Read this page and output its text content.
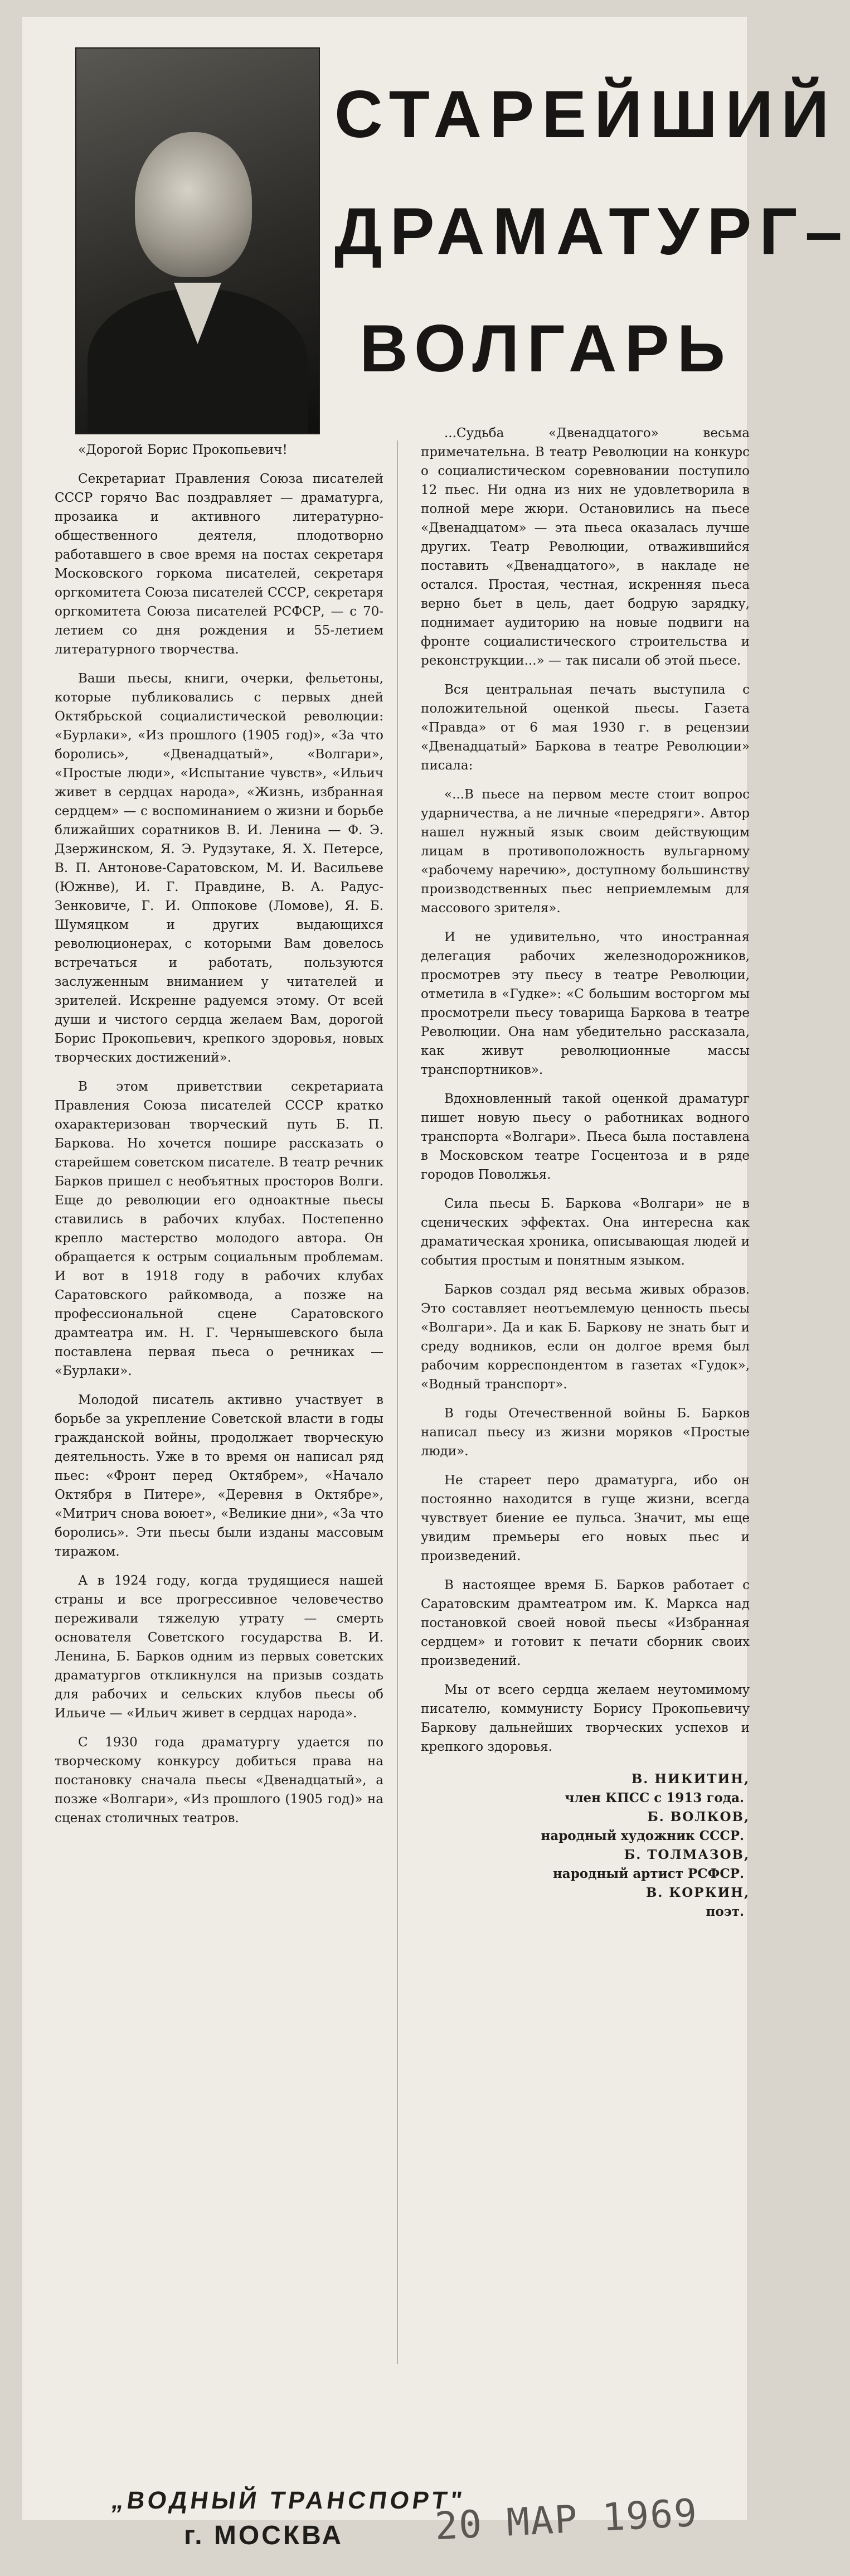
СТАРЕЙШИЙ
ДРАМАТУРГ–
ВОЛГАРЬ

«Дорогой Борис Прокопьевич!

Секретариат Правления Союза писателей СССР горячо Вас поздравляет — драматурга, прозаика и активного литературно-общественного деятеля, плодотворно работавшего в свое время на постах секретаря Московского горкома писателей, секретаря оргкомитета Союза писателей СССР, секретаря оргкомитета Союза писателей РСФСР, — с 70-летием со дня рождения и 55-летием литературного творчества.

Ваши пьесы, книги, очерки, фельетоны, которые публиковались с первых дней Октябрьской социалистической революции: «Бурлаки», «Из прошлого (1905 год)», «За что боролись», «Двенадцатый», «Волгари», «Простые люди», «Испытание чувств», «Ильич живет в сердцах народа», «Жизнь, избранная сердцем» — с воспоминанием о жизни и борьбе ближайших соратников В. И. Ленина — Ф. Э. Дзержинском, Я. Э. Рудзутаке, Я. Х. Петерсе, В. П. Антонове-Саратовском, М. И. Васильеве (Южнве), И. Г. Правдине, В. А. Радус-Зенковиче, Г. И. Оппокове (Ломове), Я. Б. Шумяцком и других выдающихся революционерах, с которыми Вам довелось встречаться и работать, пользуются заслуженным вниманием у читателей и зрителей. Искренне радуемся этому. От всей души и чистого сердца желаем Вам, дорогой Борис Прокопьевич, крепкого здоровья, новых творческих достижений».

В этом приветствии секретариата Правления Союза писателей СССР кратко охарактеризован творческий путь Б. П. Баркова. Но хочется пошире рассказать о старейшем советском писателе. В театр речник Барков пришел с необъятных просторов Волги. Еще до революции его одноактные пьесы ставились в рабочих клубах. Постепенно крепло мастерство молодого автора. Он обращается к острым социальным проблемам. И вот в 1918 году в рабочих клубах Саратовского райкомвода, а позже на профессиональной сцене Саратовского драмтеатра им. Н. Г. Чернышевского была поставлена первая пьеса о речниках — «Бурлаки».

Молодой писатель активно участвует в борьбе за укрепление Советской власти в годы гражданской войны, продолжает творческую деятельность. Уже в то время он написал ряд пьес: «Фронт перед Октябрем», «Начало Октября в Питере», «Деревня в Октябре», «Митрич снова воюет», «Великие дни», «За что боролись». Эти пьесы были изданы массовым тиражом.

А в 1924 году, когда трудящиеся нашей страны и все прогрессивное человечество переживали тяжелую утрату — смерть основателя Советского государства В. И. Ленина, Б. Барков одним из первых советских драматургов откликнулся на призыв создать для рабочих и сельских клубов пьесы об Ильиче — «Ильич живет в сердцах народа».

С 1930 года драматургу удается по творческому конкурсу добиться права на постановку сначала пьесы «Двенадцатый», а позже «Волгари», «Из прошлого (1905 год)» на сценах столичных театров.

...Судьба «Двенадцатого» весьма примечательна. В театр Революции на конкурс о социалистическом соревновании поступило 12 пьес. Ни одна из них не удовлетворила в полной мере жюри. Остановились на пьесе «Двенадцатом» — эта пьеса оказалась лучше других. Театр Революции, отважившийся поставить «Двенадцатого», в накладе не остался. Простая, честная, искренняя пьеса верно бьет в цель, дает бодрую зарядку, поднимает аудиторию на новые подвиги на фронте социалистического строительства и реконструкции...» — так писали об этой пьесе.

Вся центральная печать выступила с положительной оценкой пьесы. Газета «Правда» от 6 мая 1930 г. в рецензии «Двенадцатый» Баркова в театре Революции» писала:

«...В пьесе на первом месте стоит вопрос ударничества, а не личные «передряги». Автор нашел нужный язык своим действующим лицам в противоположность вульгарному «рабочему наречию», доступному большинству производственных пьес неприемлемым для массового зрителя».

И не удивительно, что иностранная делегация рабочих железнодорожников, просмотрев эту пьесу в театре Революции, отметила в «Гудке»: «С большим восторгом мы просмотрели пьесу товарища Баркова в театре Революции. Она нам убедительно рассказала, как живут революционные массы транспортников».

Вдохновленный такой оценкой драматург пишет новую пьесу о работниках водного транспорта «Волгари». Пьеса была поставлена в Московском театре Госцентоза и в ряде городов Поволжья.

Сила пьесы Б. Баркова «Волгари» не в сценических эффектах. Она интересна как драматическая хроника, описывающая людей и события простым и понятным языком.

Барков создал ряд весьма живых образов. Это составляет неотъемлемую ценность пьесы «Волгари». Да и как Б. Баркову не знать быт и среду водников, если он долгое время был рабочим корреспондентом в газетах «Гудок», «Водный транспорт».

В годы Отечественной войны Б. Барков написал пьесу из жизни моряков «Простые люди».

Не стареет перо драматурга, ибо он постоянно находится в гуще жизни, всегда чувствует биение ее пульса. Значит, мы еще увидим премьеры его новых пьес и произведений.

В настоящее время Б. Барков работает с Саратовским драмтеатром им. К. Маркса над постановкой своей новой пьесы «Избранная сердцем» и готовит к печати сборник своих произведений.

Мы от всего сердца желаем неутомимому писателю, коммунисту Борису Прокопьевичу Баркову дальнейших творческих успехов и крепкого здоровья.

В. НИКИТИН,
член КПСС с 1913 года.
Б. ВОЛКОВ,
народный художник СССР.
Б. ТОЛМАЗОВ,
народный артист РСФСР.
В. КОРКИН,
поэт.
„ВОДНЫЙ ТРАНСПОРТ"
г. МОСКВА 20 МАР 1969
